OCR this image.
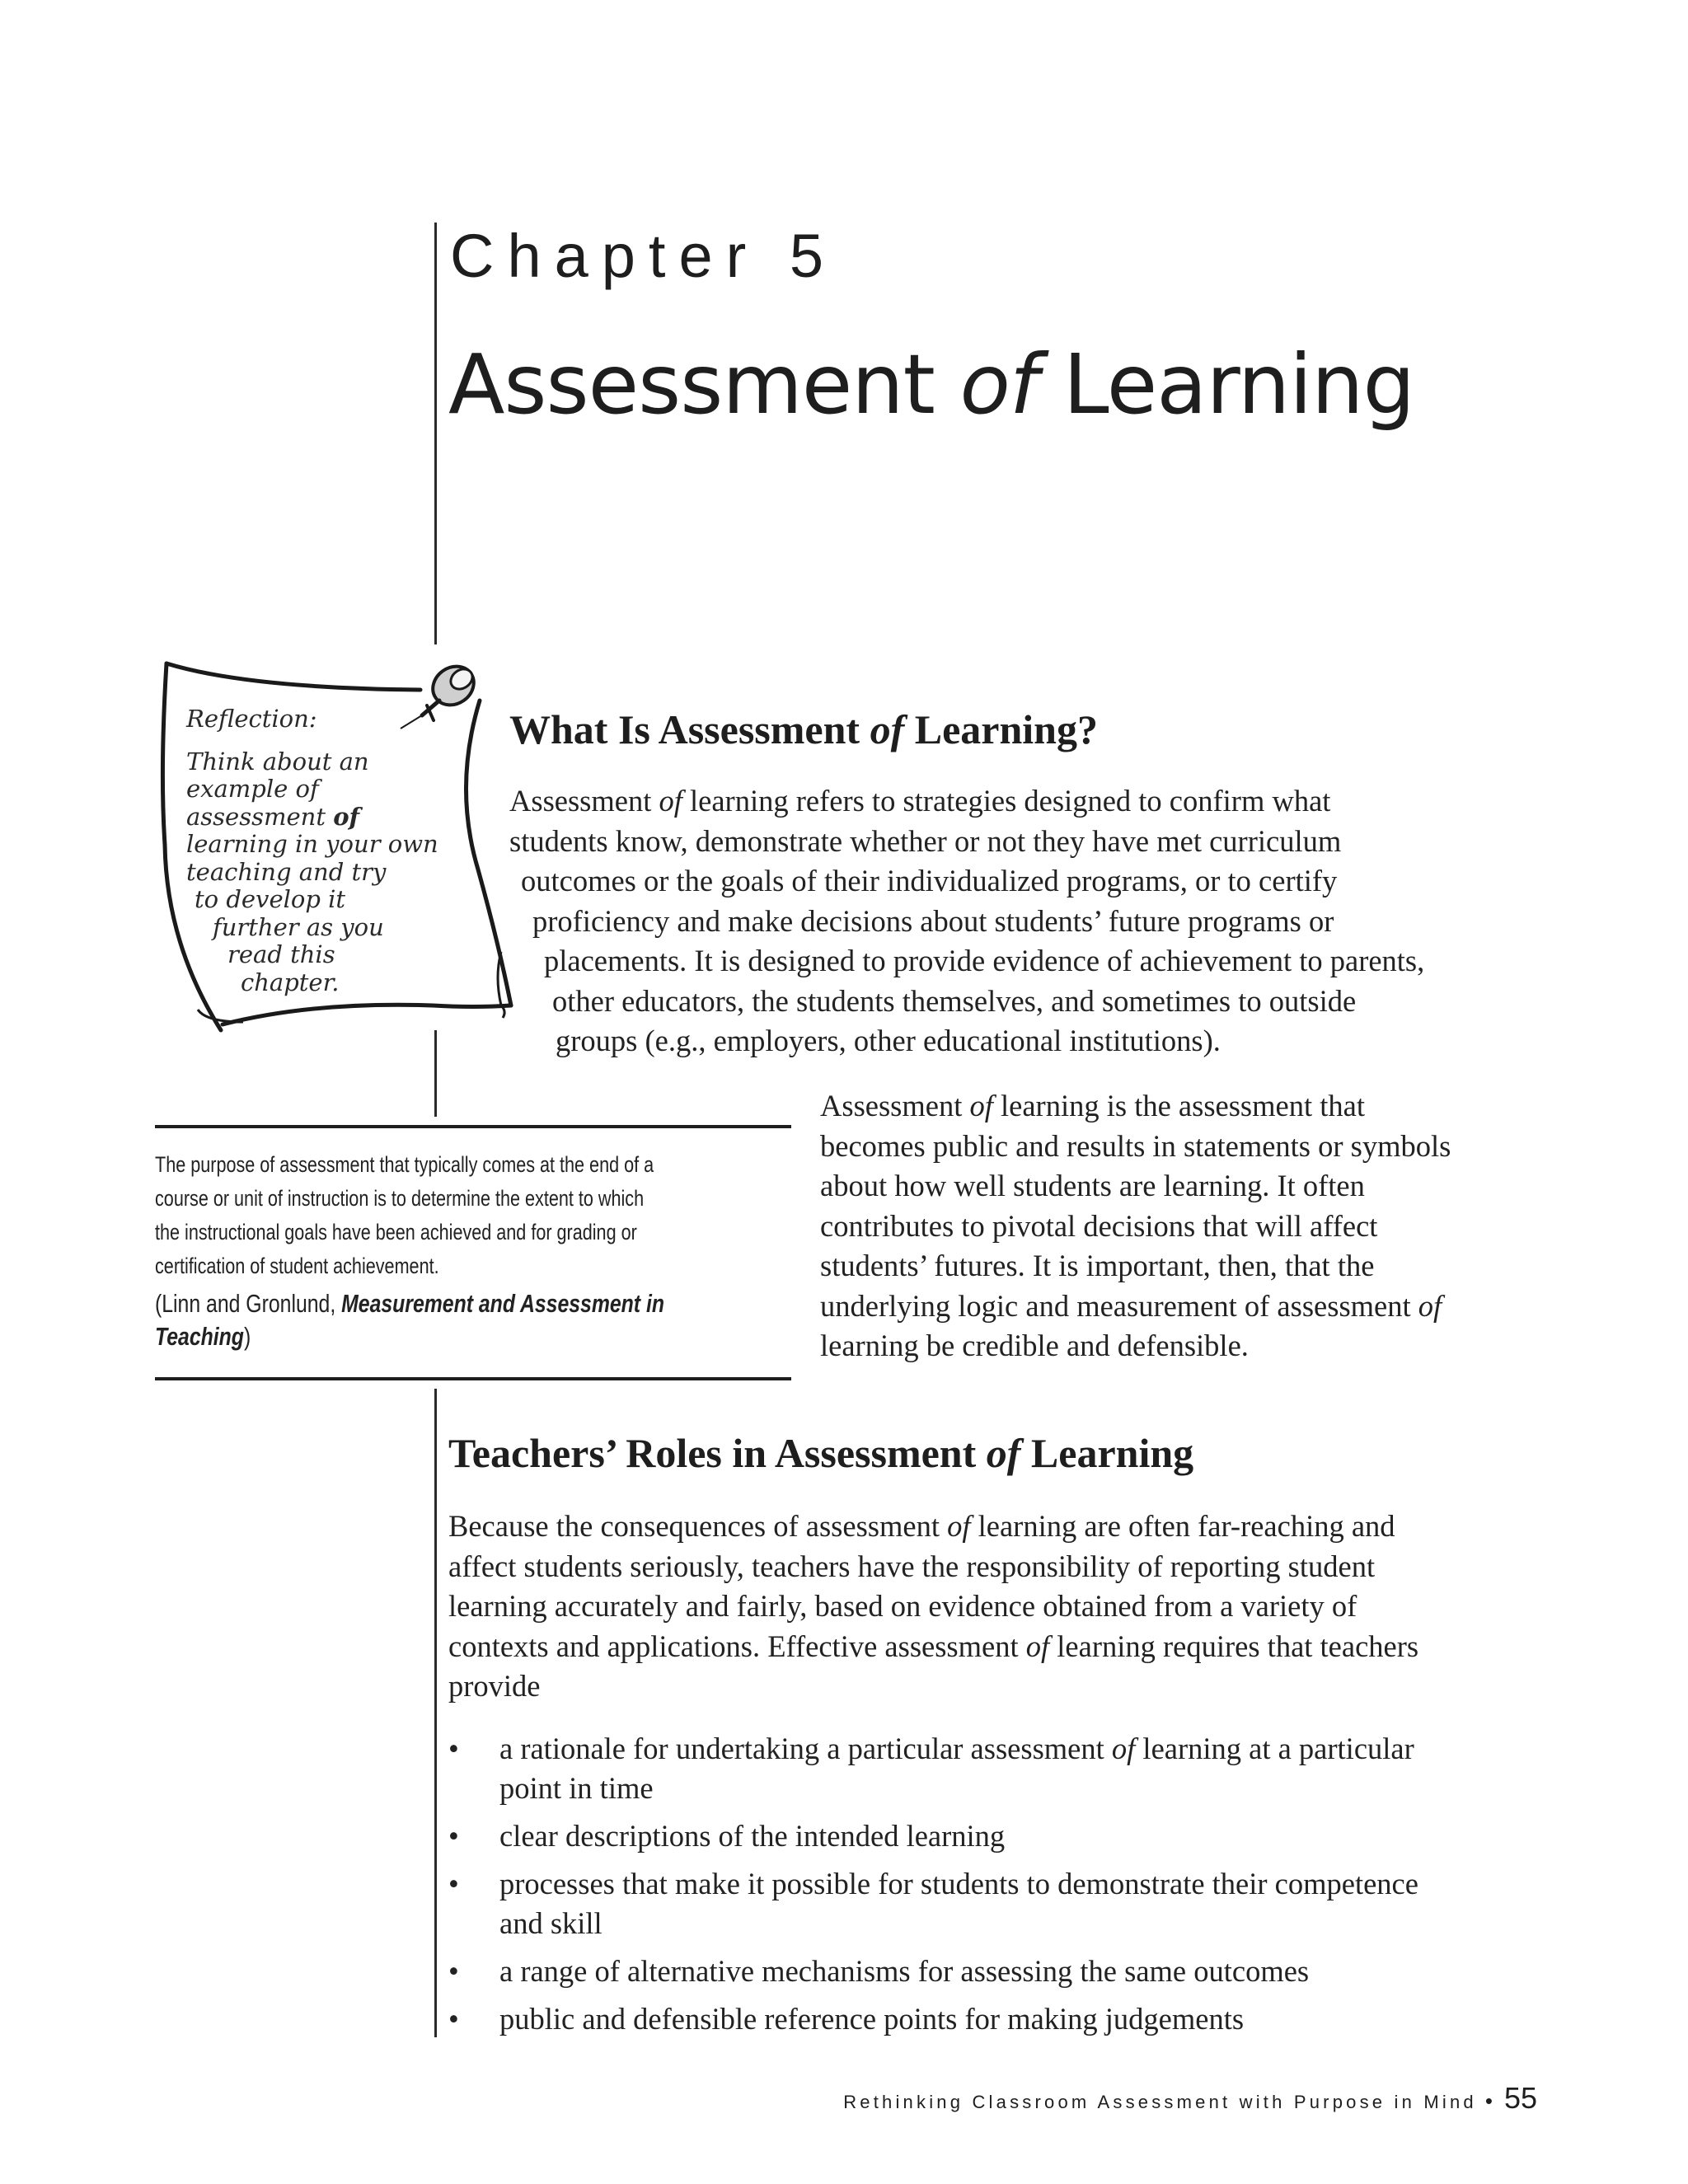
Chapter 5
Assessment of Learning

Reflection:
Think about an
example of
assessment of
learning in your own
teaching and try
to develop it
further as you
read this
chapter.

What Is Assessment of Learning?

Assessment of learning refers to strategies designed to confirm what
students know, demonstrate whether or not they have met curriculum
outcomes or the goals of their individualized programs, or to certify
proficiency and make decisions about students’ future programs or
placements. It is designed to provide evidence of achievement to parents,
other educators, the students themselves, and sometimes to outside
groups (e.g., employers, other educational institutions).

Assessment of learning is the assessment that
becomes public and results in statements or symbols
about how well students are learning. It often
contributes to pivotal decisions that will affect
students’ futures. It is important, then, that the
underlying logic and measurement of assessment of
learning be credible and defensible.

The purpose of assessment that typically comes at the end of a
course or unit of instruction is to determine the extent to which
the instructional goals have been achieved and for grading or
certification of student achievement.

(Linn and Gronlund, Measurement and Assessment in
Teaching)

Teachers’ Roles in Assessment of Learning

Because the consequences of assessment of learning are often far-reaching and
affect students seriously, teachers have the responsibility of reporting student
learning accurately and fairly, based on evidence obtained from a variety of
contexts and applications. Effective assessment of learning requires that teachers
provide

• a rationale for undertaking a particular assessment of learning at a particular
point in time
• clear descriptions of the intended learning
• processes that make it possible for students to demonstrate their competence
and skill
• a range of alternative mechanisms for assessing the same outcomes
• public and defensible reference points for making judgements
Rethinking Classroom Assessment with Purpose in Mind • 55
